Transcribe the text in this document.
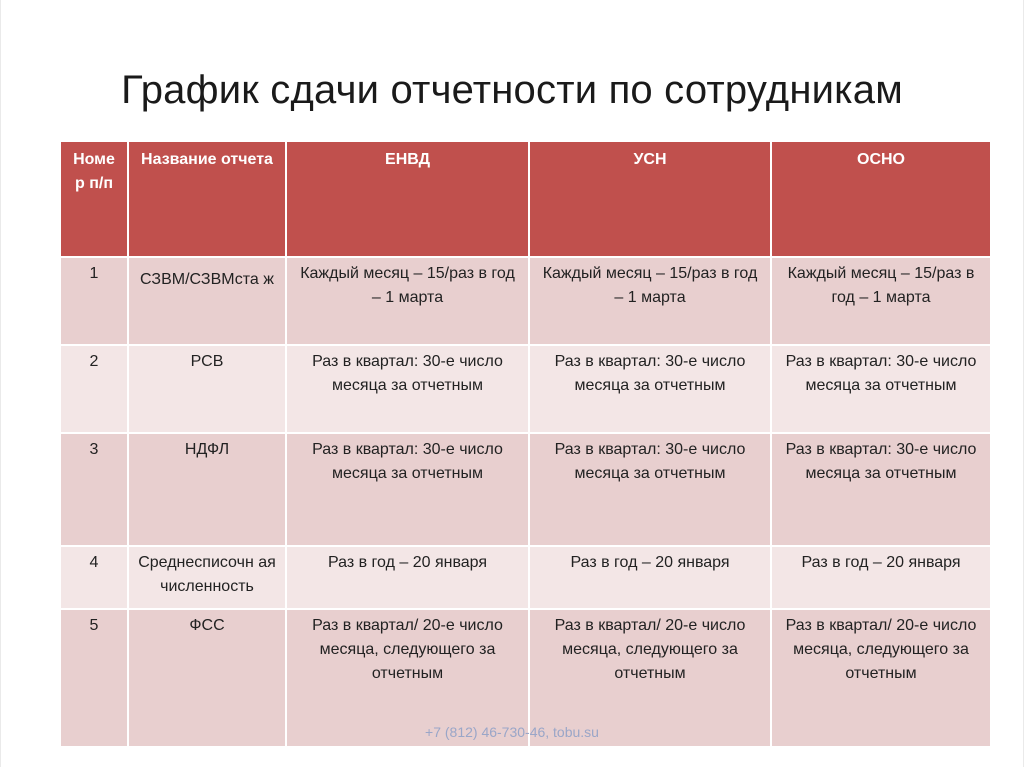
График сдачи отчетности по сотрудникам
Номе р п/п	Название отчета	ЕНВД	УСН	ОСНО
1	СЗВМ/СЗВМста ж	Каждый месяц – 15/раз в год – 1 марта	Каждый месяц – 15/раз в год – 1 марта	Каждый месяц – 15/раз в год – 1 марта
2	РСВ	Раз в квартал: 30-е число месяца за отчетным	Раз в квартал: 30-е число месяца за отчетным	Раз в квартал: 30-е число месяца за отчетным
3	НДФЛ	Раз в квартал: 30-е число месяца за отчетным	Раз в квартал: 30-е число месяца за отчетным	Раз в квартал: 30-е число месяца за отчетным
4	Среднесписочн ая численность	Раз в год – 20 января	Раз в год – 20 января	Раз в год – 20 января
5	ФСС	Раз в квартал/ 20-е число месяца, следующего за отчетным	Раз в квартал/ 20-е число месяца, следующего за отчетным	Раз в квартал/ 20-е число месяца, следующего за отчетным
+7 (812) 46-730-46, tobu.su
